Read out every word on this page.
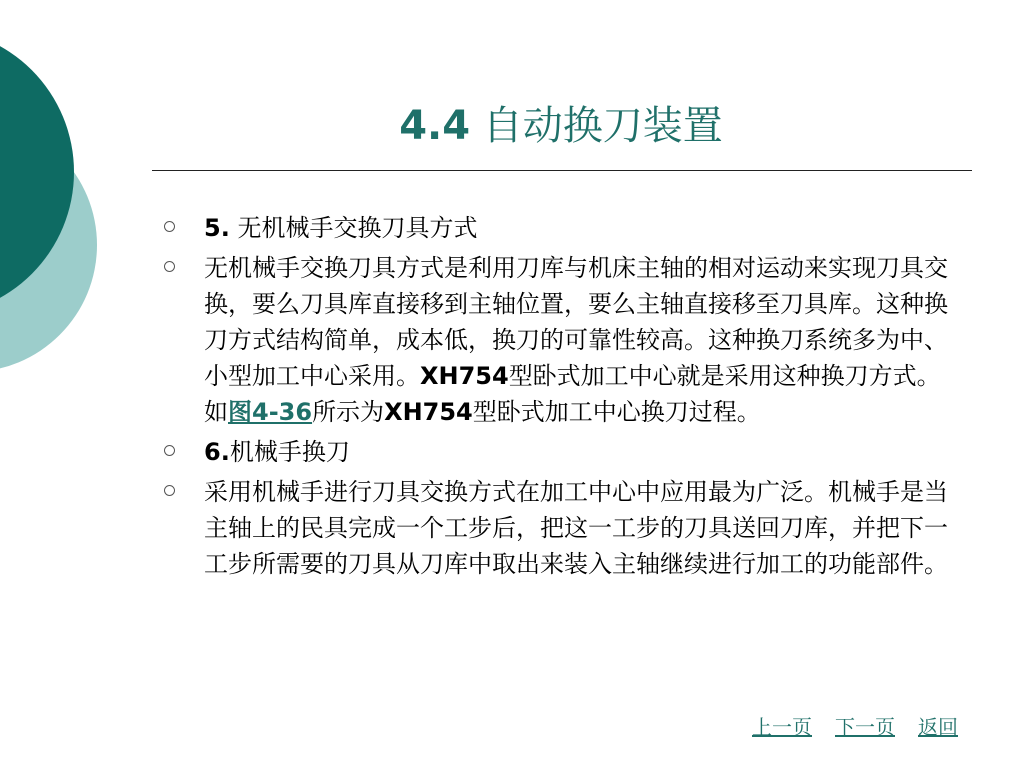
4.4 自动换刀装置
5. 无机械手交换刀具方式
无机械手交换刀具方式是利用刀库与机床主轴的相对运动来实现刀具交换，要么刀具库直接移到主轴位置，要么主轴直接移至刀具库。这种换刀方式结构简单，成本低，换刀的可靠性较高。这种换刀系统多为中、小型加工中心采用。XH754型卧式加工中心就是采用这种换刀方式。如图4-36所示为XH754型卧式加工中心换刀过程。
6.机械手换刀
采用机械手进行刀具交换方式在加工中心中应用最为广泛。机械手是当主轴上的民具完成一个工步后，把这一工步的刀具送回刀库，并把下一工步所需要的刀具从刀库中取出来装入主轴继续进行加工的功能部件。
上一页 下一页 返回
